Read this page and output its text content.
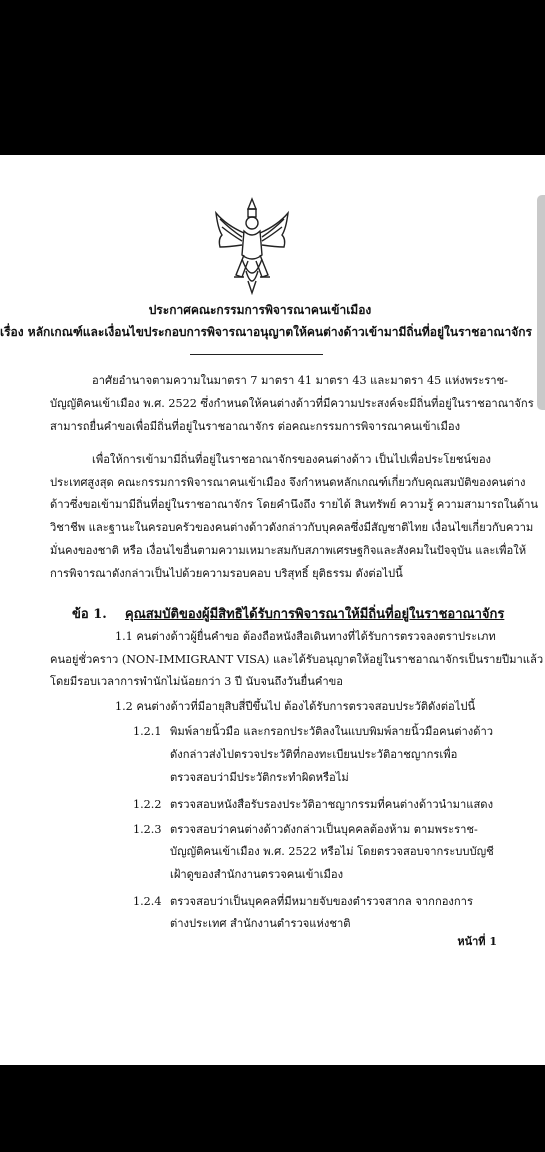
ประกาศคณะกรรมการพิจารณาคนเข้าเมือง
เรื่อง หลักเกณฑ์และเงื่อนไขประกอบการพิจารณาอนุญาตให้คนต่างด้าวเข้ามามีถิ่นที่อยู่ในราชอาณาจักร
อาศัยอำนาจตามความในมาตรา 7 มาตรา 41 มาตรา 43 และมาตรา 45 แห่งพระราช-
บัญญัติคนเข้าเมือง พ.ศ. 2522 ซึ่งกำหนดให้คนต่างด้าวที่มีความประสงค์จะมีถิ่นที่อยู่ในราชอาณาจักร
สามารถยื่นคำขอเพื่อมีถิ่นที่อยู่ในราชอาณาจักร ต่อคณะกรรมการพิจารณาคนเข้าเมือง
เพื่อให้การเข้ามามีถิ่นที่อยู่ในราชอาณาจักรของคนต่างด้าว เป็นไปเพื่อประโยชน์ของ
ประเทศสูงสุด คณะกรรมการพิจารณาคนเข้าเมือง จึงกำหนดหลักเกณฑ์เกี่ยวกับคุณสมบัติของคนต่าง
ด้าวซึ่งขอเข้ามามีถิ่นที่อยู่ในราชอาณาจักร โดยคำนึงถึง รายได้ สินทรัพย์ ความรู้ ความสามารถในด้าน
วิชาชีพ และฐานะในครอบครัวของคนต่างด้าวดังกล่าวกับบุคคลซึ่งมีสัญชาติไทย เงื่อนไขเกี่ยวกับความ
มั่นคงของชาติ หรือ เงื่อนไขอื่นตามความเหมาะสมกับสภาพเศรษฐกิจและสังคมในปัจจุบัน และเพื่อให้
การพิจารณาดังกล่าวเป็นไปด้วยความรอบคอบ บริสุทธิ์ ยุติธรรม ดังต่อไปนี้
ข้อ 1. คุณสมบัติของผู้มีสิทธิได้รับการพิจารณาให้มีถิ่นที่อยู่ในราชอาณาจักร
1.1 คนต่างด้าวผู้ยื่นคำขอ ต้องถือหนังสือเดินทางที่ได้รับการตรวจลงตราประเภท
คนอยู่ชั่วคราว (NON-IMMIGRANT VISA) และได้รับอนุญาตให้อยู่ในราชอาณาจักรเป็นรายปีมาแล้ว
โดยมีรอบเวลาการพำนักไม่น้อยกว่า 3 ปี นับจนถึงวันยื่นคำขอ
1.2 คนต่างด้าวที่มีอายุสิบสี่ปีขึ้นไป ต้องได้รับการตรวจสอบประวัติดังต่อไปนี้
1.2.1 พิมพ์ลายนิ้วมือ และกรอกประวัติลงในแบบพิมพ์ลายนิ้วมือคนต่างด้าว
ดังกล่าวส่งไปตรวจประวัติที่กองทะเบียนประวัติอาชญากรเพื่อ
ตรวจสอบว่ามีประวัติกระทำผิดหรือไม่
1.2.2 ตรวจสอบหนังสือรับรองประวัติอาชญากรรมที่คนต่างด้าวนำมาแสดง
1.2.3 ตรวจสอบว่าคนต่างด้าวดังกล่าวเป็นบุคคลต้องห้าม ตามพระราช-
บัญญัติคนเข้าเมือง พ.ศ. 2522 หรือไม่ โดยตรวจสอบจากระบบบัญชี
เฝ้าดูของสำนักงานตรวจคนเข้าเมือง
1.2.4 ตรวจสอบว่าเป็นบุคคลที่มีหมายจับของตำรวจสากล จากกองการ
ต่างประเทศ สำนักงานตำรวจแห่งชาติ
หน้าที่ 1
